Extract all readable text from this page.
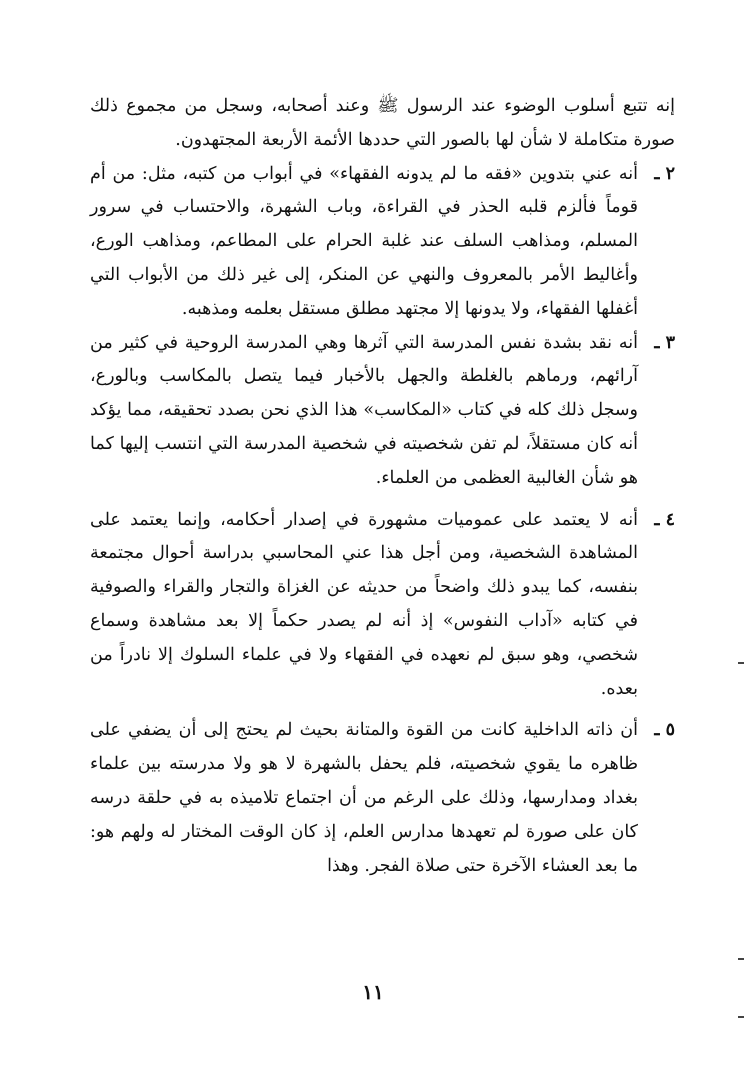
إنه تتبع أسلوب الوضوء عند الرسول ﷺ وعند أصحابه، وسجل من مجموع ذلك صورة متكاملة لا شأن لها بالصور التي حددها الأئمة الأربعة المجتهدون.

٢ ـ
أنه عني بتدوين «فقه ما لم يدونه الفقهاء» في أبواب من كتبه، مثل: من أم قوماً فألزم قلبه الحذر في القراءة، وباب الشهرة، والاحتساب في سرور المسلم، ومذاهب السلف عند غلبة الحرام على المطاعم، ومذاهب الورع، وأغاليط الأمر بالمعروف والنهي عن المنكر، إلى غير ذلك من الأبواب التي أغفلها الفقهاء، ولا يدونها إلا مجتهد مطلق مستقل بعلمه ومذهبه.
٣ ـ
أنه نقد بشدة نفس المدرسة التي آثرها وهي المدرسة الروحية في كثير من آرائهم، ورماهم بالغلطة والجهل بالأخبار فيما يتصل بالمكاسب وبالورع، وسجل ذلك كله في كتاب «المكاسب» هذا الذي نحن بصدد تحقيقه، مما يؤكد أنه كان مستقلاً، لم تفن شخصيته في شخصية المدرسة التي انتسب إليها كما هو شأن الغالبية العظمى من العلماء.
٤ ـ
أنه لا يعتمد على عموميات مشهورة في إصدار أحكامه، وإنما يعتمد على المشاهدة الشخصية، ومن أجل هذا عني المحاسبي بدراسة أحوال مجتمعة بنفسه، كما يبدو ذلك واضحاً من حديثه عن الغزاة والتجار والقراء والصوفية في كتابه «آداب النفوس» إذ أنه لم يصدر حكماً إلا بعد مشاهدة وسماع شخصي، وهو سبق لم نعهده في الفقهاء ولا في علماء السلوك إلا نادراً من بعده.
٥ ـ
أن ذاته الداخلية كانت من القوة والمتانة بحيث لم يحتج إلى أن يضفي على ظاهره ما يقوي شخصيته، فلم يحفل بالشهرة لا هو ولا مدرسته بين علماء بغداد ومدارسها، وذلك على الرغم من أن اجتماع تلاميذه به في حلقة درسه كان على صورة لم تعهدها مدارس العلم، إذ كان الوقت المختار له ولهم هو: ما بعد العشاء الآخرة حتى صلاة الفجر. وهذا
١١
